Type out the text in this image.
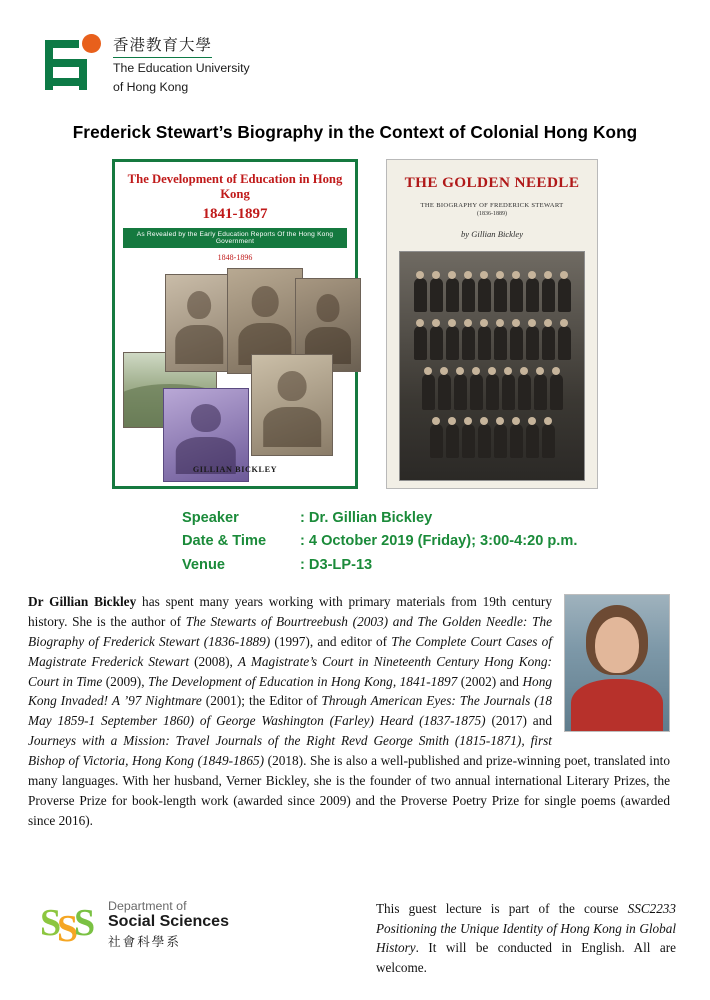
香港教育大學
The Education University
of Hong Kong
Frederick Stewart’s Biography in the Context of Colonial Hong Kong
The Development of Education in Hong Kong
1841-1897
As Revealed by the Early Education Reports Of the Hong Kong Government
1848-1896
GILLIAN BICKLEY
THE GOLDEN NEEDLE
THE BIOGRAPHY OF FREDERICK STEWART
(1836-1889)
by Gillian Bickley
Speaker	: Dr. Gillian Bickley
Date & Time	: 4 October 2019 (Friday); 3:00-4:20 p.m.
Venue	: D3-LP-13
Dr Gillian Bickley has spent many years working with primary materials from 19th century history. She is the author of The Stewarts of Bourtreebush (2003) and The Golden Needle: The Biography of Frederick Stewart (1836-1889) (1997), and editor of The Complete Court Cases of Magistrate Frederick Stewart (2008), A Magistrate’s Court in Nineteenth Century Hong Kong: Court in Time (2009), The Development of Education in Hong Kong, 1841-1897 (2002) and Hong Kong Invaded! A ’97 Nightmare (2001); the Editor of Through American Eyes: The Journals (18 May 1859-1 September 1860) of George Washington (Farley) Heard (1837-1875) (2017) and Journeys with a Mission: Travel Journals of the Right Revd George Smith (1815-1871), first Bishop of Victoria, Hong Kong (1849-1865) (2018). She is also a well-published and prize-winning poet, translated into many languages. With her husband, Verner Bickley, she is the founder of two annual international Literary Prizes, the Proverse Prize for book-length work (awarded since 2009) and the Proverse Poetry Prize for single poems (awarded since 2016).
S
S
S Department of
Social Sciences
社會科學系
This guest lecture is part of the course SSC2233 Positioning the Unique Identity of Hong Kong in Global History. It will be conducted in English. All are welcome.
